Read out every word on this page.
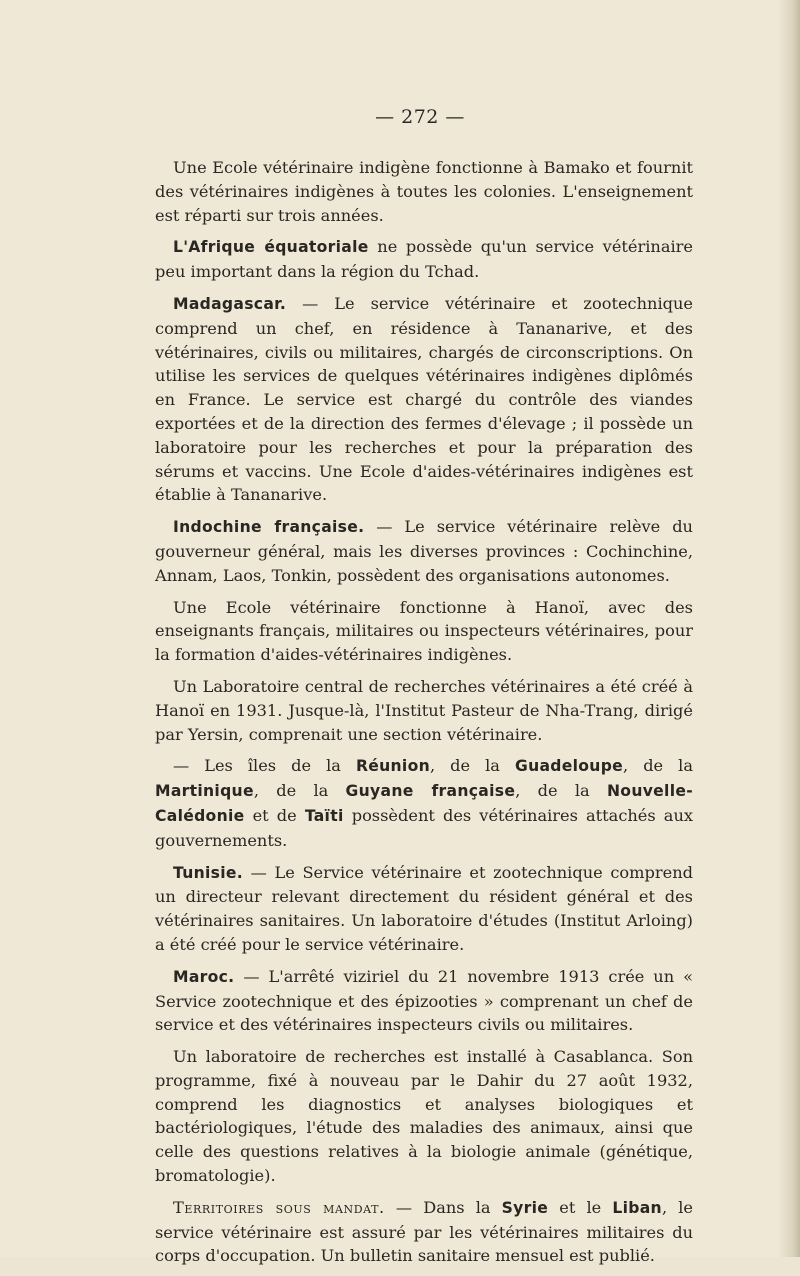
— 272 —

Une Ecole vétérinaire indigène fonctionne à Bamako et fournit des vétérinaires indigènes à toutes les colonies. L'enseignement est réparti sur trois années.

L'Afrique équatoriale ne possède qu'un service vétérinaire peu important dans la région du Tchad.

Madagascar. — Le service vétérinaire et zootechnique comprend un chef, en résidence à Tananarive, et des vétérinaires, civils ou militaires, chargés de circonscriptions. On utilise les services de quelques vétérinaires indigènes diplômés en France. Le service est chargé du contrôle des viandes exportées et de la direction des fermes d'élevage ; il possède un laboratoire pour les recherches et pour la préparation des sérums et vaccins. Une Ecole d'aides-vétérinaires indigènes est établie à Tananarive.

Indochine française. — Le service vétérinaire relève du gouverneur général, mais les diverses provinces : Cochinchine, Annam, Laos, Tonkin, possèdent des organisations autonomes.

Une Ecole vétérinaire fonctionne à Hanoï, avec des enseignants français, militaires ou inspecteurs vétérinaires, pour la formation d'aides-vétérinaires indigènes.

Un Laboratoire central de recherches vétérinaires a été créé à Hanoï en 1931. Jusque-là, l'Institut Pasteur de Nha-Trang, dirigé par Yersin, comprenait une section vétérinaire.

— Les îles de la Réunion, de la Guadeloupe, de la Martinique, de la Guyane française, de la Nouvelle-Calédonie et de Taïti possèdent des vétérinaires attachés aux gouvernements.

Tunisie. — Le Service vétérinaire et zootechnique comprend un directeur relevant directement du résident général et des vétérinaires sanitaires. Un laboratoire d'études (Institut Arloing) a été créé pour le service vétérinaire.

Maroc. — L'arrêté viziriel du 21 novembre 1913 crée un « Service zootechnique et des épizooties » comprenant un chef de service et des vétérinaires inspecteurs civils ou militaires.

Un laboratoire de recherches est installé à Casablanca. Son programme, fixé à nouveau par le Dahir du 27 août 1932, comprend les diagnostics et analyses biologiques et bactériologiques, l'étude des maladies des animaux, ainsi que celle des questions relatives à la biologie animale (génétique, bromatologie).

Territoires sous mandat. — Dans la Syrie et le Liban, le service vétérinaire est assuré par les vétérinaires militaires du corps d'occupation. Un bulletin sanitaire mensuel est publié.
